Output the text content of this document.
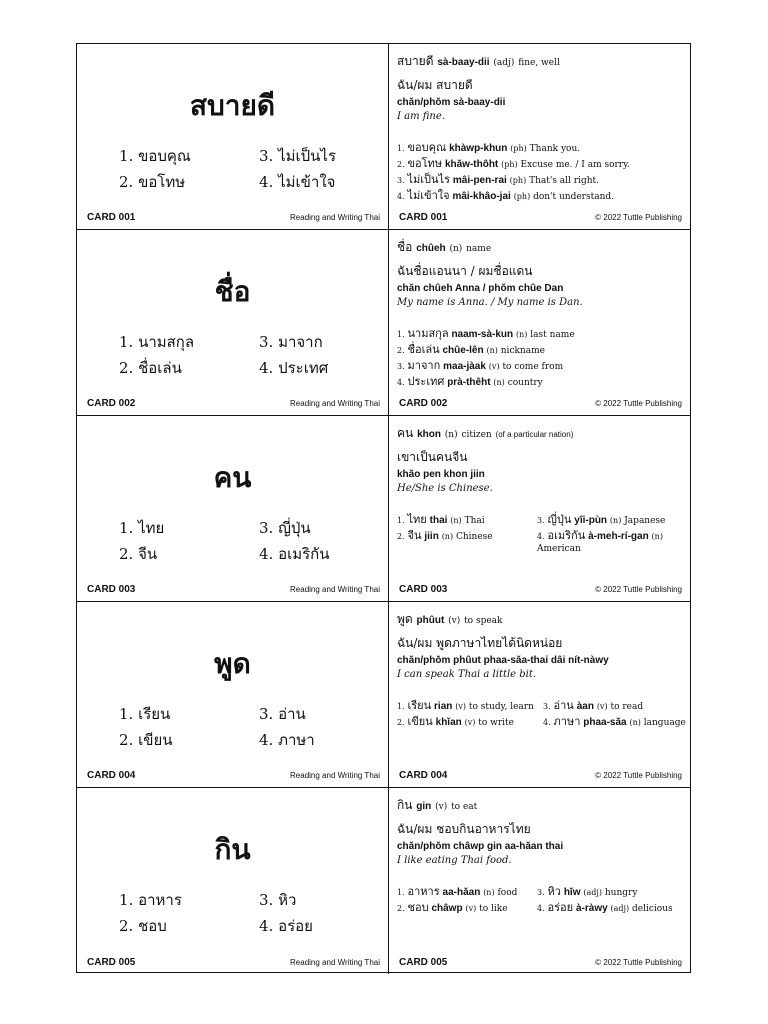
สบายดี
1. ขอบคุณ
2. ขอโทษ
3. ไม่เป็นไร
4. ไม่เข้าใจ
CARD 001	Reading and Writing Thai
สบายดี sà-baay-dii (adj) fine, well
ฉัน/ผม สบายดี
chăn/phŏm sà-baay-dii
I am fine.
1. ขอบคุณ khàwp-khun (ph) Thank you.
2. ขอโทษ khăw-thôht (ph) Excuse me. / I am sorry.
3. ไม่เป็นไร mâi-pen-rai (ph) That's all right.
4. ไม่เข้าใจ mâi-khâo-jai (ph) don't understand.
CARD 001	© 2022 Tuttle Publishing
ชื่อ
1. นามสกุล
2. ชื่อเล่น
3. มาจาก
4. ประเทศ
CARD 002	Reading and Writing Thai
ชื่อ chûeh (n) name
ฉันชื่อแอนนา / ผมชื่อแดน
chăn chûeh Anna / phŏm chûe Dan
My name is Anna. / My name is Dan.
1. นามสกุล naam-sà-kun (n) last name
2. ชื่อเล่น chûe-lên (n) nickname
3. มาจาก maa-jàak (v) to come from
4. ประเทศ prà-thêht (n) country
CARD 002	© 2022 Tuttle Publishing
คน
1. ไทย
2. จีน
3. ญี่ปุ่น
4. อเมริกัน
CARD 003	Reading and Writing Thai
คน khon (n) citizen (of a particular nation)
เขาเป็นคนจีน
khăo pen khon jiin
He/She is Chinese.
1. ไทย thai (n) Thai
2. จีน jiin (n) Chinese
3. ญี่ปุ่น yîi-pùn (n) Japanese
4. อเมริกัน à-meh-rí-gan (n) American
CARD 003	© 2022 Tuttle Publishing
พูด
1. เรียน
2. เขียน
3. อ่าน
4. ภาษา
CARD 004	Reading and Writing Thai
พูด phûut (v) to speak
ฉัน/ผม พูดภาษาไทยได้นิดหน่อย
chăn/phŏm phûut phaa-săa-thai dâi nít-nàwy
I can speak Thai a little bit.
1. เรียน rian (v) to study, learn
2. เขียน khĭan (v) to write
3. อ่าน àan (v) to read
4. ภาษา phaa-săa (n) language
CARD 004	© 2022 Tuttle Publishing
กิน
1. อาหาร
2. ชอบ
3. หิว
4. อร่อย
CARD 005	Reading and Writing Thai
กิน gin (v) to eat
ฉัน/ผม ชอบกินอาหารไทย
chăn/phŏm châwp gin aa-hăan thai
I like eating Thai food.
1. อาหาร aa-hăan (n) food
2. ชอบ châwp (v) to like
3. หิว hĭw (adj) hungry
4. อร่อย à-ràwy (adj) delicious
CARD 005	© 2022 Tuttle Publishing
